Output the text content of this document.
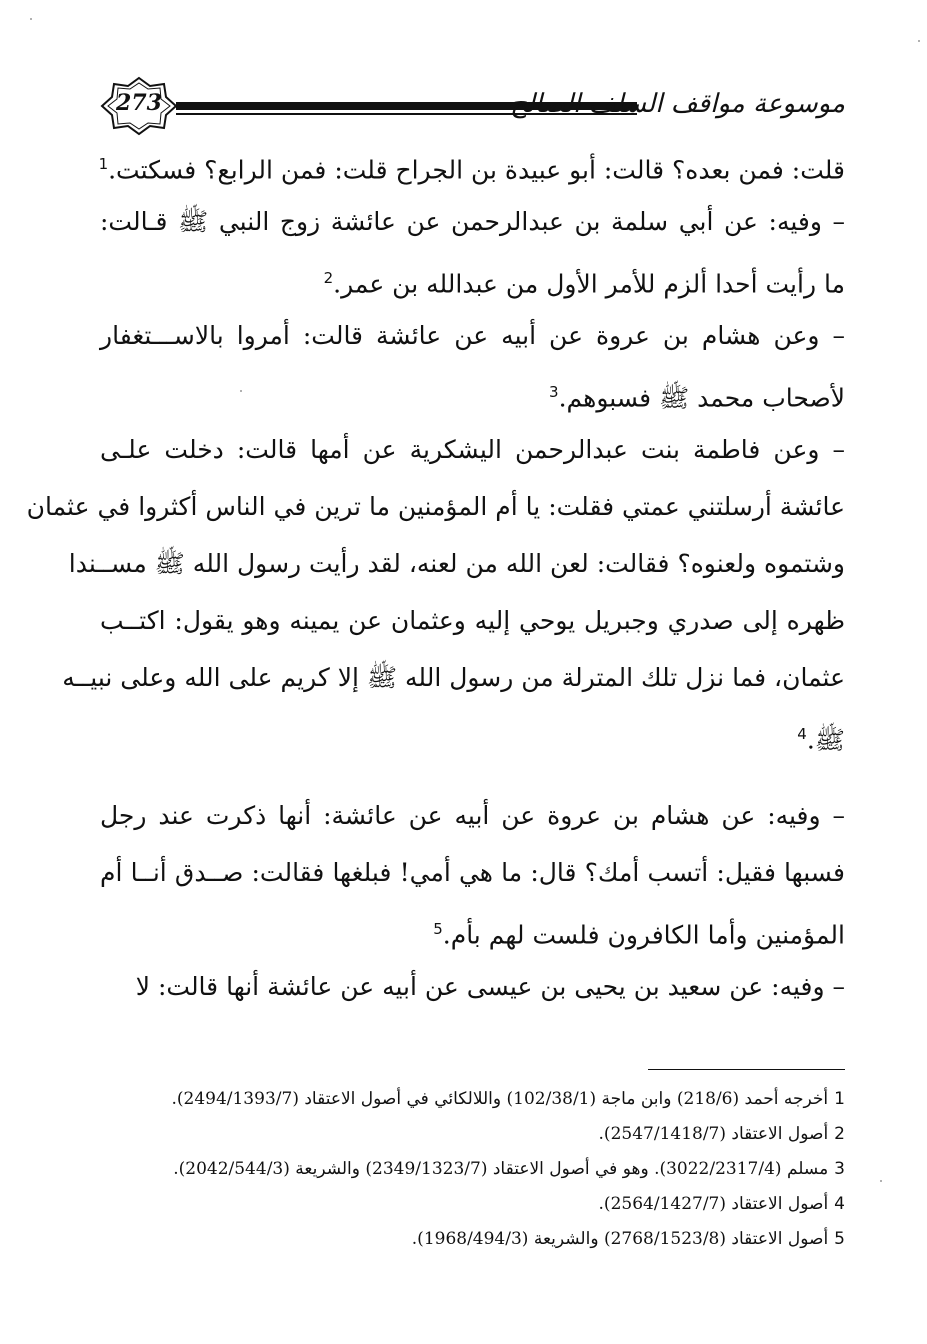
273	موسوعة مواقف السلف الصالح
قلت: فمن بعده؟ قالت: أبو عبيدة بن الجراح قلت: فمن الرابع؟ فسكتت.$^1$
– وفيه: عن أبي سلمة بن عبدالرحمن عن عائشة زوج النبي ﷺ قـالت:
ما رأيت أحدا ألزم للأمر الأول من عبدالله بن عمر.$^2$
– وعن هشام بن عروة عن أبيه عن عائشة قالت: أمروا بالاســـتغفار
لأصحاب محمد ﷺ فسبوهم.$^3$
– وعن فاطمة بنت عبدالرحمن اليشكرية عن أمها قالت: دخلت علـى
عائشة أرسلتني عمتي فقلت: يا أم المؤمنين ما ترين في الناس أكثروا في عثمان
وشتموه ولعنوه؟ فقالت: لعن الله من لعنه، لقد رأيت رسول الله ﷺ مســندا
ظهره إلى صدري وجبريل يوحي إليه وعثمان عن يمينه وهو يقول: اكتــب
عثمان، فما نزل تلك المترلة من رسول الله ﷺ إلا كريم على الله وعلى نبيــه
ﷺ.$^4$
– وفيه: عن هشام بن عروة عن أبيه عن عائشة: أنها ذكرت عند رجل
فسبها فقيل: أتسب أمك؟ قال: ما هي أمي! فبلغها فقالت: صــدق أنــا أم
المؤمنين وأما الكافرون فلست لهم بأم.$^5$
– وفيه: عن سعيد بن يحيى بن عيسى عن أبيه عن عائشة أنها قالت: لا
1أخرجه أحمد (218/6) وابن ماجة (102/38/1) واللالكائي في أصول الاعتقاد (2494/1393/7).
2أصول الاعتقاد (2547/1418/7).
3مسلم (3022/2317/4). وهو في أصول الاعتقاد (2349/1323/7) والشريعة (2042/544/3).
4أصول الاعتقاد (2564/1427/7).
5أصول الاعتقاد (2768/1523/8) والشريعة (1968/494/3).
